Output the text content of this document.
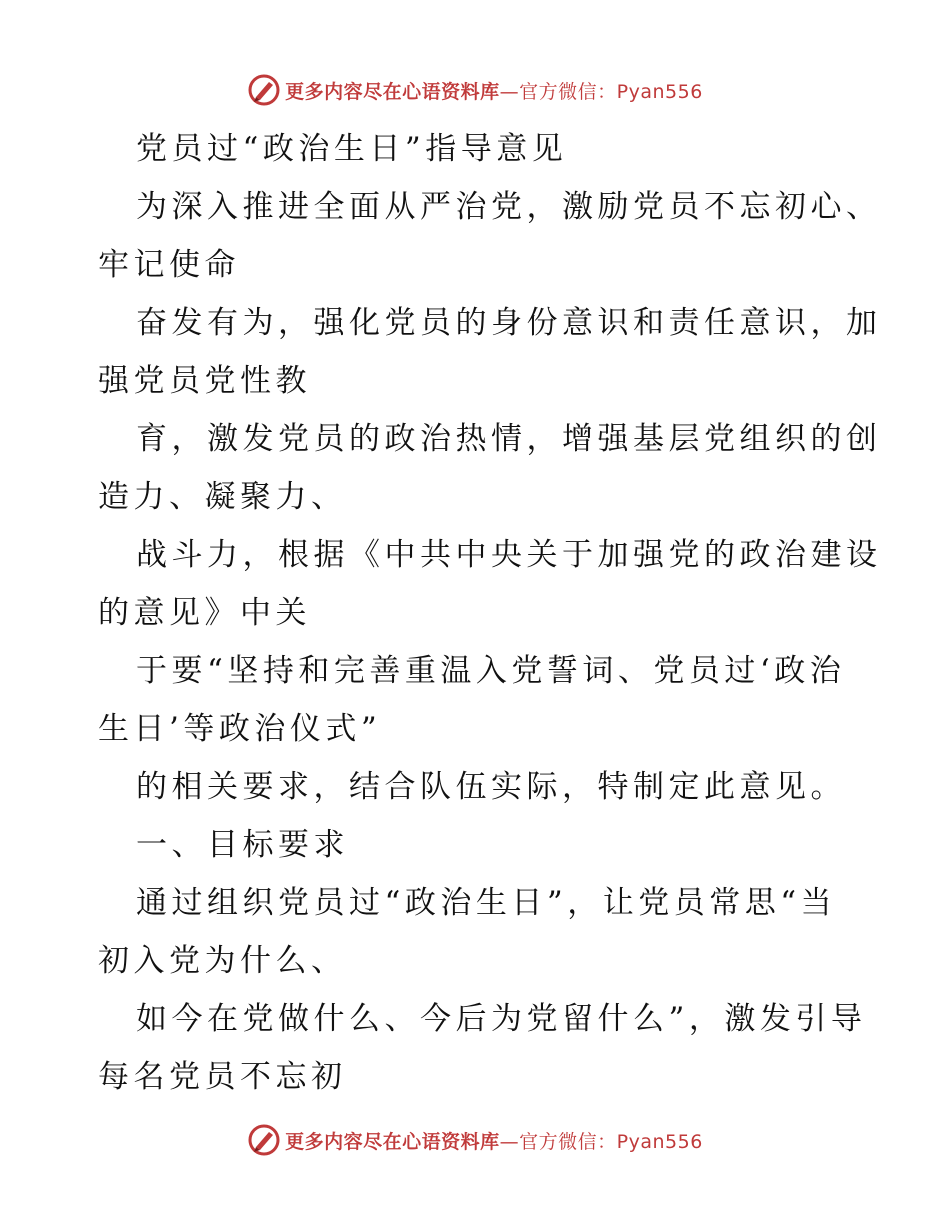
更多内容尽在心语资料库—官方微信：Pyan556
党员过“政治生日”指导意见
为深入推进全面从严治党，激励党员不忘初心、
牢记使命
奋发有为，强化党员的身份意识和责任意识，加
强党员党性教
育，激发党员的政治热情，增强基层党组织的创
造力、凝聚力、
战斗力，根据《中共中央关于加强党的政治建设
的意见》中关
于要“坚持和完善重温入党誓词、党员过‘政治
生日’等政治仪式”
的相关要求，结合队伍实际，特制定此意见。
一、目标要求
通过组织党员过“政治生日”，让党员常思“当
初入党为什么、
如今在党做什么、今后为党留什么”，激发引导
每名党员不忘初
更多内容尽在心语资料库—官方微信：Pyan556
